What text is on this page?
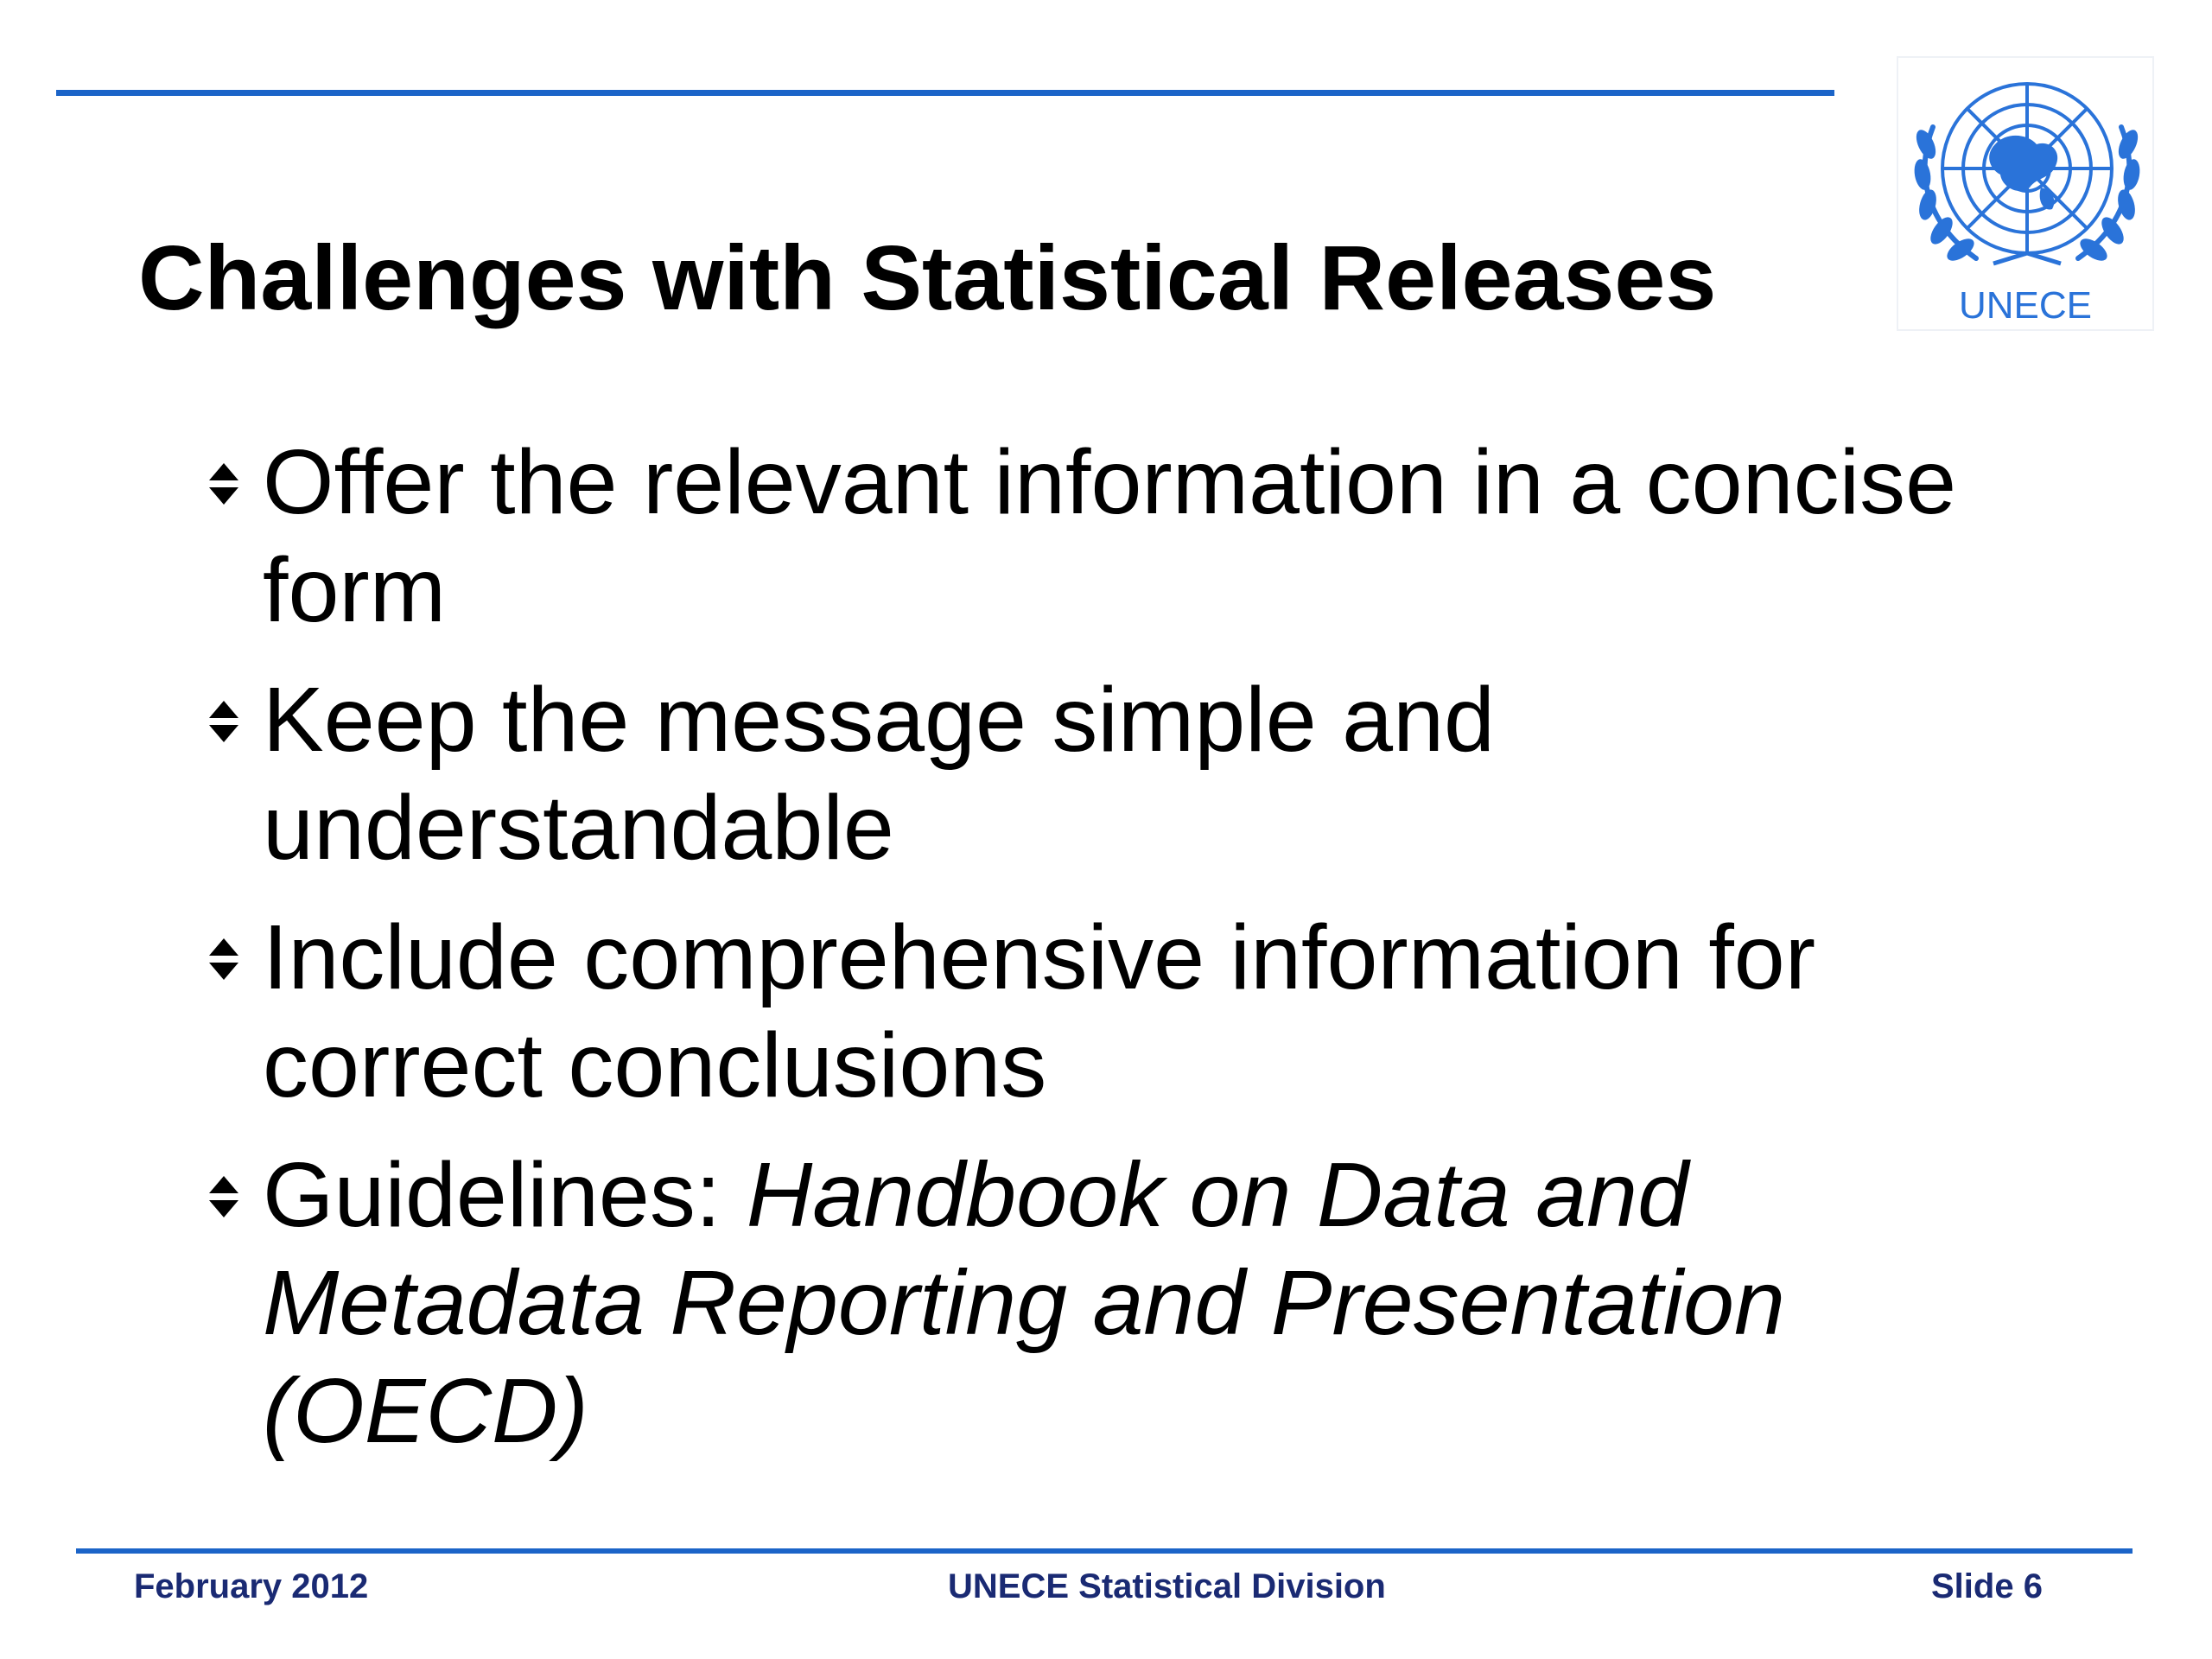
UNECE
Challenges with Statistical Releases
Offer the relevant information in a concise form
Keep the message simple and understandable
Include comprehensive information for correct conclusions
Guidelines: Handbook on Data and Metadata Reporting and Presentation (OECD)
February 2012	UNECE Statistical Division	Slide 6
